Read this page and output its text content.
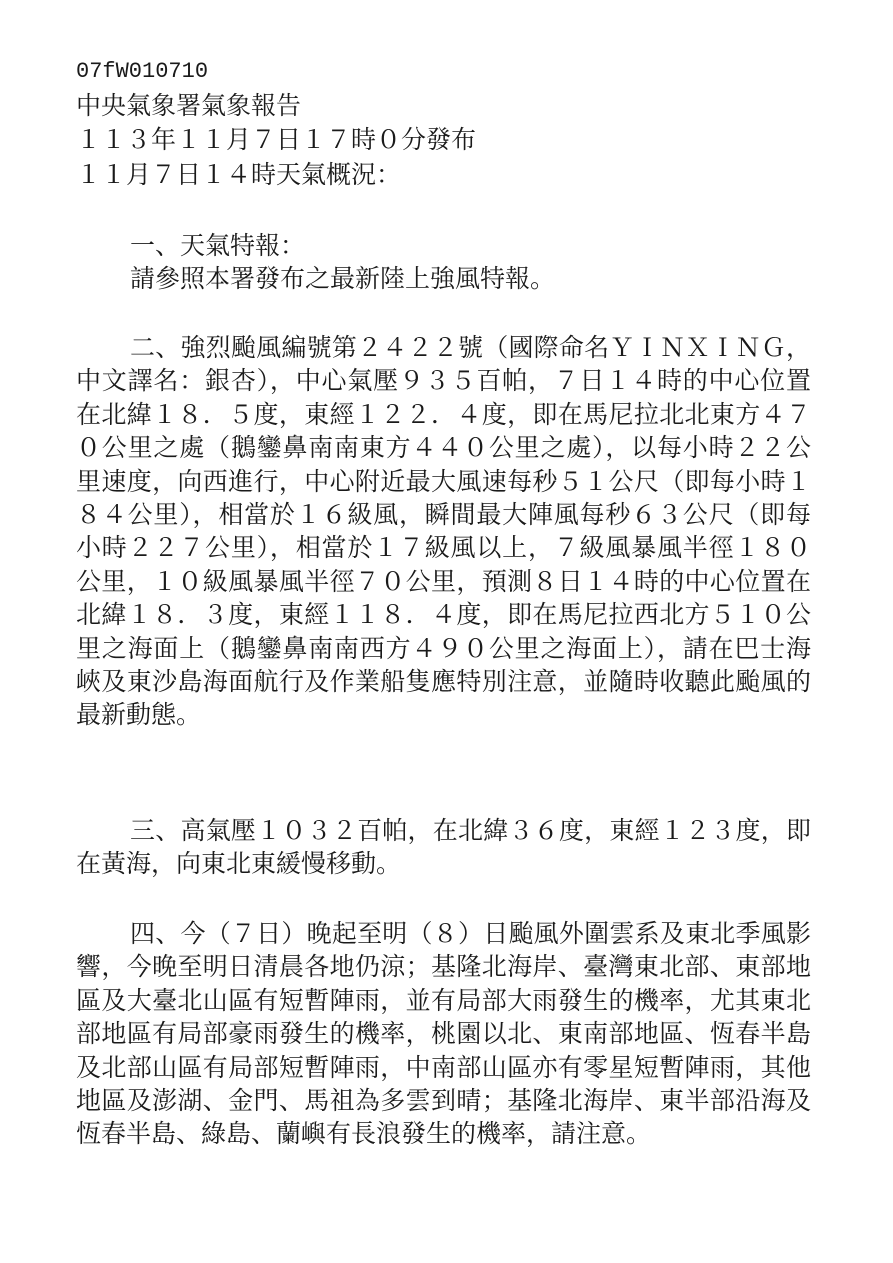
07fW010710
中央氣象署氣象報告
１１３年１１月７日１７時０分發布
１１月７日１４時天氣概況：

一、天氣特報：

請參照本署發布之最新陸上強風特報。

二、強烈颱風編號第２４２２號（國際命名ＹＩＮＸＩＮＧ，中文譯名：銀杏），中心氣壓９３５百帕，７日１４時的中心位置在北緯１８．５度，東經１２２．４度，即在馬尼拉北北東方４７０公里之處（鵝鑾鼻南南東方４４０公里之處），以每小時２２公里速度，向西進行，中心附近最大風速每秒５１公尺（即每小時１８４公里），相當於１６級風，瞬間最大陣風每秒６３公尺（即每小時２２７公里），相當於１７級風以上，７級風暴風半徑１８０公里，１０級風暴風半徑７０公里，預測８日１４時的中心位置在北緯１８．３度，東經１１８．４度，即在馬尼拉西北方５１０公里之海面上（鵝鑾鼻南南西方４９０公里之海面上），請在巴士海峽及東沙島海面航行及作業船隻應特別注意，並隨時收聽此颱風的最新動態。

三、高氣壓１０３２百帕，在北緯３６度，東經１２３度，即在黃海，向東北東緩慢移動。

四、今（７日）晚起至明（８）日颱風外圍雲系及東北季風影響，今晚至明日清晨各地仍涼；基隆北海岸、臺灣東北部、東部地區及大臺北山區有短暫陣雨，並有局部大雨發生的機率，尤其東北部地區有局部豪雨發生的機率，桃園以北、東南部地區、恆春半島及北部山區有局部短暫陣雨，中南部山區亦有零星短暫陣雨，其他地區及澎湖、金門、馬祖為多雲到晴；基隆北海岸、東半部沿海及恆春半島、綠島、蘭嶼有長浪發生的機率，請注意。
